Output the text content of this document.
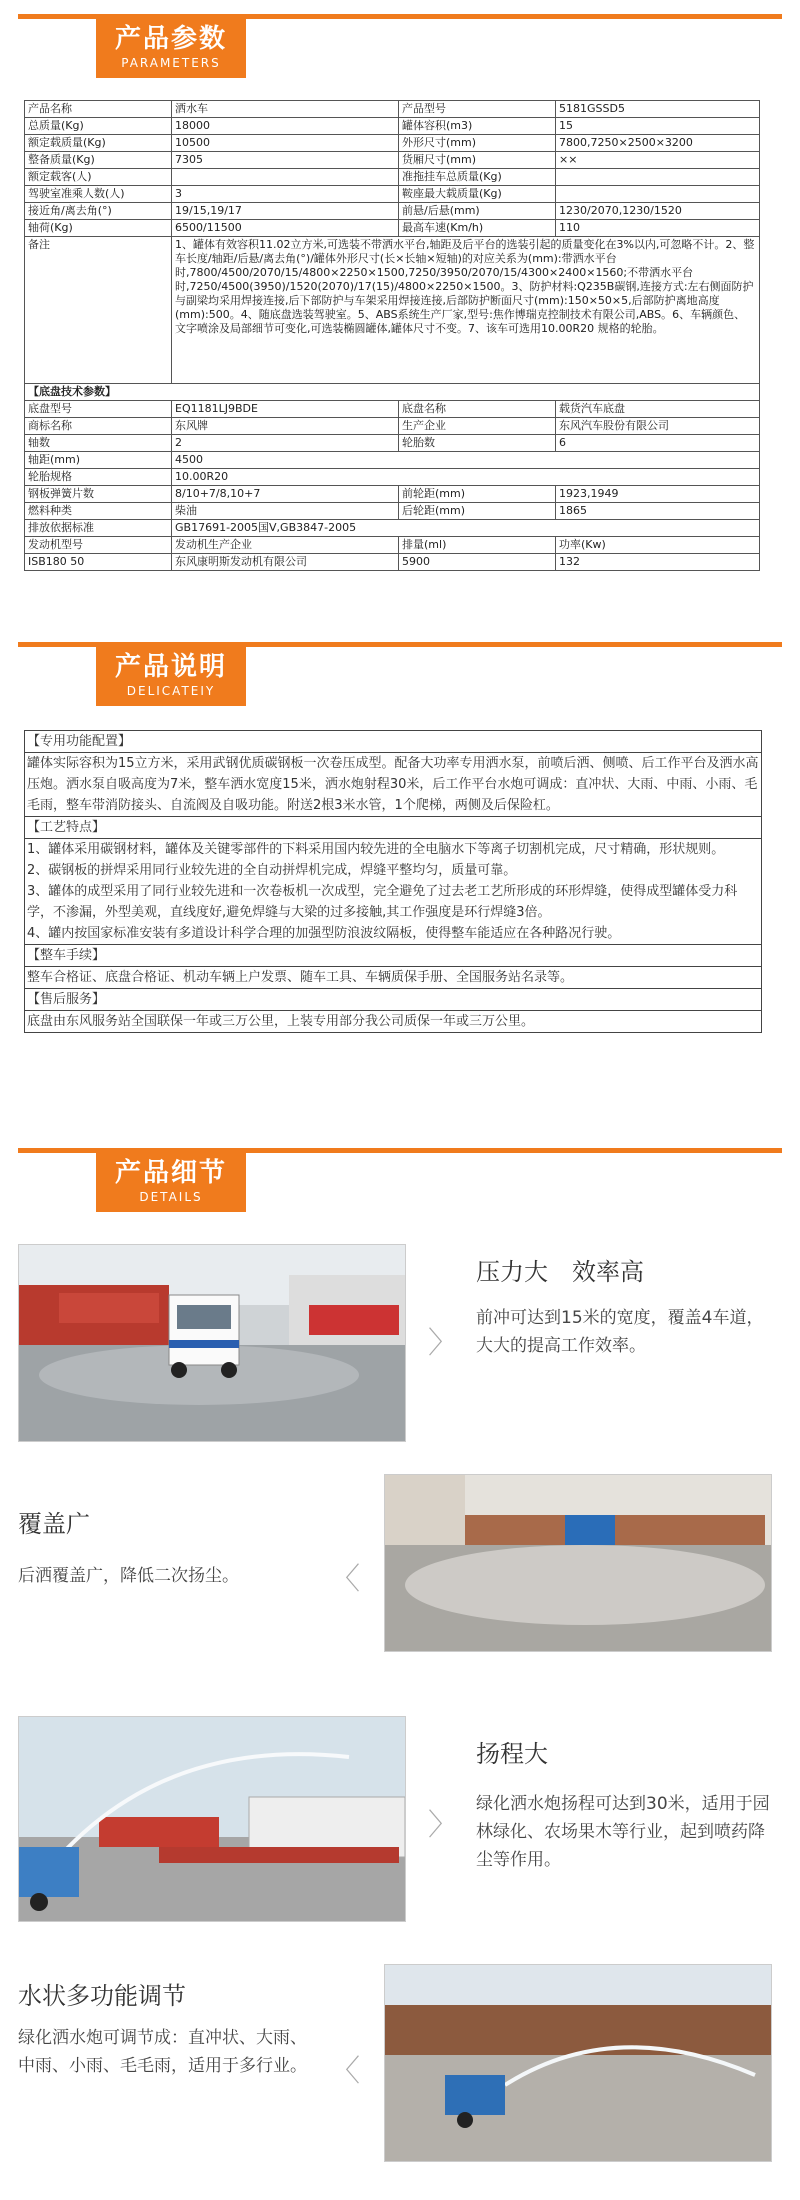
产品参数
PARAMETERS
产品名称	洒水车	产品型号	5181GSSD5
总质量(Kg)	18000	罐体容积(m3)	15
额定载质量(Kg)	10500	外形尺寸(mm)	7800,7250×2500×3200
整备质量(Kg)	7305	货厢尺寸(mm)	××
额定载客(人)		准拖挂车总质量(Kg)	
驾驶室准乘人数(人)	3	鞍座最大载质量(Kg)	
接近角/离去角(°)	19/15,19/17	前悬/后悬(mm)	1230/2070,1230/1520
轴荷(Kg)	6500/11500	最高车速(Km/h)	110
备注	1、罐体有效容积11.02立方米,可选装不带洒水平台,轴距及后平台的选装引起的质量变化在3%以内,可忽略不计。2、整车长度/轴距/后悬/离去角(°)/罐体外形尺寸(长×长轴×短轴)的对应关系为(mm):带洒水平台时,7800/4500/2070/15/4800×2250×1500,7250/3950/2070/15/4300×2400×1560;不带洒水平台时,7250/4500(3950)/1520(2070)/17(15)/4800×2250×1500。3、防护材料:Q235B碳钢,连接方式:左右侧面防护与副梁均采用焊接连接,后下部防护与车架采用焊接连接,后部防护断面尺寸(mm):150×50×5,后部防护离地高度(mm):500。4、随底盘选装驾驶室。5、ABS系统生产厂家,型号:焦作博瑞克控制技术有限公司,ABS。6、车辆颜色、文字喷涂及局部细节可变化,可选装椭圆罐体,罐体尺寸不变。7、该车可选用10.00R20 规格的轮胎。		
【底盘技术参数】			
底盘型号	EQ1181LJ9BDE	底盘名称	载货汽车底盘
商标名称	东风牌	生产企业	东风汽车股份有限公司
轴数	2	轮胎数	6
轴距(mm)	4500		
轮胎规格	10.00R20		
钢板弹簧片数	8/10+7/8,10+7	前轮距(mm)	1923,1949
燃料种类	柴油	后轮距(mm)	1865
排放依据标准	GB17691-2005国V,GB3847-2005		
发动机型号	发动机生产企业	排量(ml)	功率(Kw)
ISB180 50	东风康明斯发动机有限公司	5900	132
产品说明
DELICATEIY
【专用功能配置】
罐体实际容积为15立方米，采用武钢优质碳钢板一次卷压成型。配备大功率专用洒水泵，前喷后洒、侧喷、后工作平台及洒水高压炮。洒水泵自吸高度为7米，整车洒水宽度15米，洒水炮射程30米，后工作平台水炮可调成：直冲状、大雨、中雨、小雨、毛毛雨，整车带消防接头、自流阀及自吸功能。附送2根3米水管，1个爬梯，两侧及后保险杠。
【工艺特点】
1、罐体采用碳钢材料，罐体及关键零部件的下料采用国内较先进的全电脑水下等离子切割机完成，尺寸精确，形状规则。
2、碳钢板的拼焊采用同行业较先进的全自动拼焊机完成，焊缝平整均匀，质量可靠。
3、罐体的成型采用了同行业较先进和一次卷板机一次成型，完全避免了过去老工艺所形成的环形焊缝，使得成型罐体受力科学，不渗漏，外型美观，直线度好,避免焊缝与大梁的过多接触,其工作强度是环行焊缝3倍。
4、罐内按国家标准安装有多道设计科学合理的加强型防浪波纹隔板，使得整车能适应在各种路况行驶。
【整车手续】
整车合格证、底盘合格证、机动车辆上户发票、随车工具、车辆质保手册、全国服务站名录等。
【售后服务】
底盘由东风服务站全国联保一年或三万公里，上装专用部分我公司质保一年或三万公里。
产品细节
DETAILS
〉
压力大　效率高
前冲可达到15米的宽度，覆盖4车道，大大的提高工作效率。
覆盖广
后洒覆盖广，降低二次扬尘。	〈
〉
扬程大
绿化洒水炮扬程可达到30米，适用于园林绿化、农场果木等行业，起到喷药降尘等作用。
水状多功能调节
绿化洒水炮可调节成：直冲状、大雨、中雨、小雨、毛毛雨，适用于多行业。 〈
